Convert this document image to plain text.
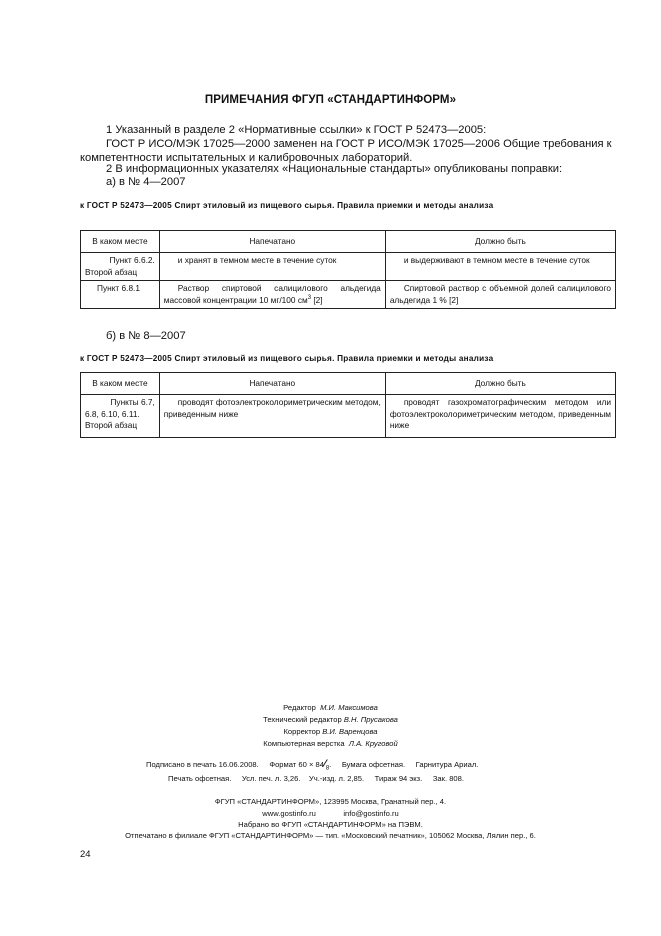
ПРИМЕЧАНИЯ ФГУП «СТАНДАРТИНФОРМ»
1 Указанный в разделе 2 «Нормативные ссылки» к ГОСТ Р 52473—2005:
ГОСТ Р ИСО/МЭК 17025—2000 заменен на ГОСТ Р ИСО/МЭК 17025—2006 Общие требования к
компетентности испытательных и калибровочных лабораторий.
2 В информационных указателях «Национальные стандарты» опубликованы поправки:
а) в № 4—2007
к ГОСТ Р 52473—2005 Спирт этиловый из пищевого сырья. Правила приемки и методы анализа
В каком месте	Напечатано	Должно быть

Пункт 6.6.2.
Второй абзац	и хранят в темном месте в течение суток	и выдерживают в темном месте в течение суток
Пункт 6.8.1	Раствор спиртовой салицилового альдегида массовой концентрации 10 мг/100 $см^3$ [2]	Спиртовой раствор с объемной долей салицилового альдегида 1 % [2]
б) в № 8—2007
к ГОСТ Р 52473—2005 Спирт этиловый из пищевого сырья. Правила приемки и методы анализа
В каком месте	Напечатано	Должно быть

Пункты 6.7,
6.8, 6.10, 6.11.
Второй абзац	проводят фотоэлектроколориметрическим методом, приведенным ниже	проводят газохроматографическим методом или фотоэлектроколориметрическим методом, приведенным ниже
Редактор М.И. Максимова
Технический редактор В.Н. Прусакова
Корректор В.И. Варенцова
Компьютерная верстка Л.А. Круговой
Подписано в печать 16.06.2008. Формат $60 \times 84⁄_8$.     Бумага офсетная. Гарнитура Ариал.
Печать офсетная. Усл. печ. л. 3,26. Уч.-изд. л. 2,85. Тираж 94 экз. Зак. 808.
ФГУП «СТАНДАРТИНФОРМ», 123995 Москва, Гранатный пер., 4.
www.gostinfo.ru	info@gostinfo.ru
Набрано во ФГУП «СТАНДАРТИНФОРМ» на ПЭВМ.
Отпечатано в филиале ФГУП «СТАНДАРТИНФОРМ» — тип. «Московский печатник», 105062 Москва, Лялин пер., 6.
24
